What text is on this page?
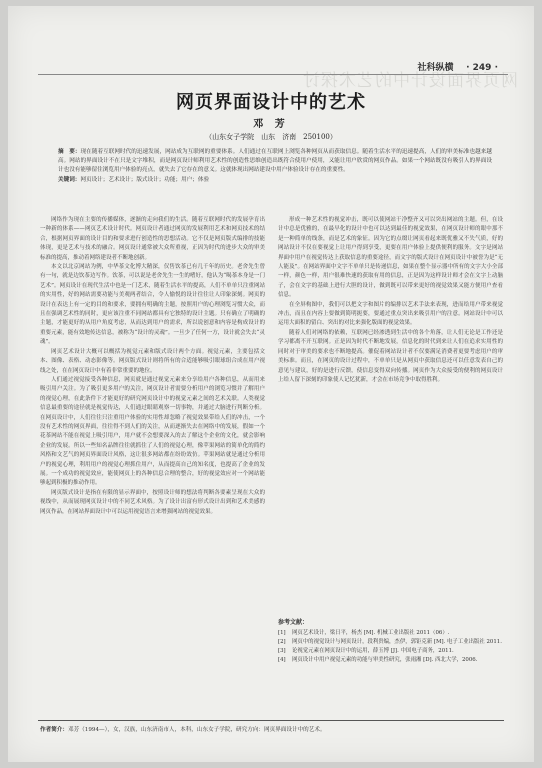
网页界面设计中的艺术探讨
社科纵横 · 249 ·
网页界面设计中的艺术
邓 芳
（山东女子学院　山东　济南　250100）
摘　要：现在随着互联网时代的迅速发展，网站成为互联网的重要体系。人们通过在互联网上浏览各种网页从而获取信息。随着生活水平的迅速提高，人们的审美标准也越来越高。网站的界面设计不在只是文字堆积，而是网页设计师利用艺术性的创造性思维创造出既符合使用户使用，又能让用户欣赏的网页作品。如果一个网站既没有吸引人的界面设计也没有能够留住浏览用户体验的亮点，就失去了它存在的意义。这就体现出网站建设中用户体验设计存在的重要性。
关键词：网页设计；艺术设计；版式设计；功能；用户；体验

网络作为现在主要的传播媒体，逐渐的走向我们的生活。随着互联网时代的发展孕育出一种新的体系——网页艺术设计时代。网页设计者通过网页的发展利用艺术和网页技术的结合，根据网页界面的设计目的和要求进行创造性的思想活动。它不仅是网页版式编排的技能体现，更是艺术与技术的融合。网页设计通常被大众所重视，正因为时代的进步大众的审美标准的提高，推动着网络建设者不断地创新。

本文以北京网站为例，中华茶文化博大精深，仅售饮茶已有几千年的历史。老舍先生曾有一句，就是边饮茶边写作。饮茶，可以说是老舍先生一生的嗜好，他认为“喝茶本身是一门艺术”。网页设计在现代生活中也是一门艺术，随着生活水平的提高，人们不单单只注重网站的实用性，好的网站需要功能与美观两者结合，令人愉悦的设计往往让人印象深刻。网页的设计在表达上有一定的目的和要求，要拥有明确的主题，按照用户的心理浏览习惯大众，而且在强调艺术性的同时，更应该注重不同网站都具有它独特的设计主题。只有确立了明确的主题，才能更好的从用户角度考虑，从而达到用户的需求，所以说创意和内容是构成设计的重要元素，能有效地传达信息，被称为“设计的灵魂”。一旦少了任何一方，设计就会失去“灵魂”。

网页艺术设计大概可以概括为视觉元素和版式设计两个方面。视觉元素，主要包括文本、图像、表格、动态影像等。网页版式设计则将所有的合适能够吸引眼球组合成在用户视线之处，在在网页设计中有着非常重要的地位。

人们通过视觉接受各种信息，网页就是通过视觉元素来分享给用户各种信息，从而用来吸引用户关注。为了吸引更多用户的关注，网页设计者需要分析用户的浏览习惯并了解用户的视觉心理，在此条件下才能更好的研究网页设计中的视觉元素之间的艺术关联。人类视觉信息最重要的途径就是视觉传达，人们通过眼睛观察一切事物，并通过大脑进行判断分析。在网页设计中，人们往往只注重用户体验的实用性却忽略了视觉效果带给人们的冲击，一个没有艺术性的网页界面，往往得不到人们的关注，从而逐渐失去在网络中的发展，假如一个花茶网站不能在视觉上吸引用户，用户就不会想要深入的去了解这个企业的文化，就会影响企业的发展。所以一些知名品牌往往就抓住了人们的视觉心理，像苹果网站的简单化的简约风格和文艺气的网页界面设计风格，这让很多网站都在纷纷效仿。苹果网站就是通过分析用户的视觉心理，利用用户的视觉心理抓住用户，从而提高自己的知名度，也提高了企业的发展。一个成功的视觉效应，能使网页上的各种信息合理的整合，好的视觉效应对一个网站能够起到积极的推动作用。

网页版式设计是指在有限的显示界面中，按照设计师的想法将判断各要素呈现在大众的视线中，从而展现网页设计中的不同艺术风格。为了设计出富有形式设计出到和艺术美感的网页作品，在网站界面设计中可以运用视觉语言来增强网站的视觉效果。

形成一种艺术性的视觉冲击，既可以使网站干净整齐又可以突出网站的主题。但，在设计中总是优雅的，在最早化的设计中也可以达到最佳的视觉效果，在网页设计师的眼中那不是一种简单的线条，而是艺术的象征。因为它的点缀让网页看起来既优雅又不失气质，好的网站设计不仅在要视觉上让用户得到享受，更要在用户体验上提供便利的服务。文字是网站界面中用户在视觉传达上获取信息的重要途径，而文字的版式设计在网页设计中被誉为是“无人能及”。在网站界面中文字不单单只是传递信息，如果在整个显示器中所有的文字大小全部一样，颜色一样，用户很难快速的获取有用的信息，正是因为这样设计师才会在文字上动脑子，会在文字的基础上进行大胆的设计，做到既可以带来更好的视觉效果又能方便用户查看信息。

在全屏构图中，我们可以把文字和图片的编排以艺术手法来表现，进而给用户带来视觉冲击，而且在内容上要做到简明扼要，要通过重点突出来吸引用户的注意。网站设计中可以运用大面积的留白、突出的对比来强化版面的视觉效果。

随着人们对网络的依赖，互联网已经渗透到生活中的各个角落，让人们无论是工作还是学习都离不开互联网。正是因为时代不断地发展，信息化的时代到来让人们在追求实用性的同时对于审美的要求也不断地提高。催促着网站设计者不仅要满足消费者更要考虑用户的审美标准。而且，在网页的设计过程中，不单单只是从网页中获取信息还可以任意发表自己的意见与建议，好的是进行反馈，使信息变得双向传播。网页作为大众接受的便利的网页设计上给人留下深刻的印象使人记忆犹新，才会在市场竞争中取得胜利。

参考文献：
[1]	网页艺术设计，梁日平，杨杰 [M]. 机械工业出版社 2011（06）.
[2]	网页中的视觉设计与网页设计，段利贵编，杰伊，郭钜克新 [M]. 电子工业出版社 2011.
[3]	论视觉元素在网页设计中的运用，薛玉博 [J]. 中国电子商务，2011.
[4]	网页设计中用户视觉元素的功能与审美性研究，张雨湘 [D]. 西北大学，2006.
作者简介：邓芳（1994—），女，汉族，山东济南市人，本科，山东女子学院，研究方向：网页界面设计中的艺术。
